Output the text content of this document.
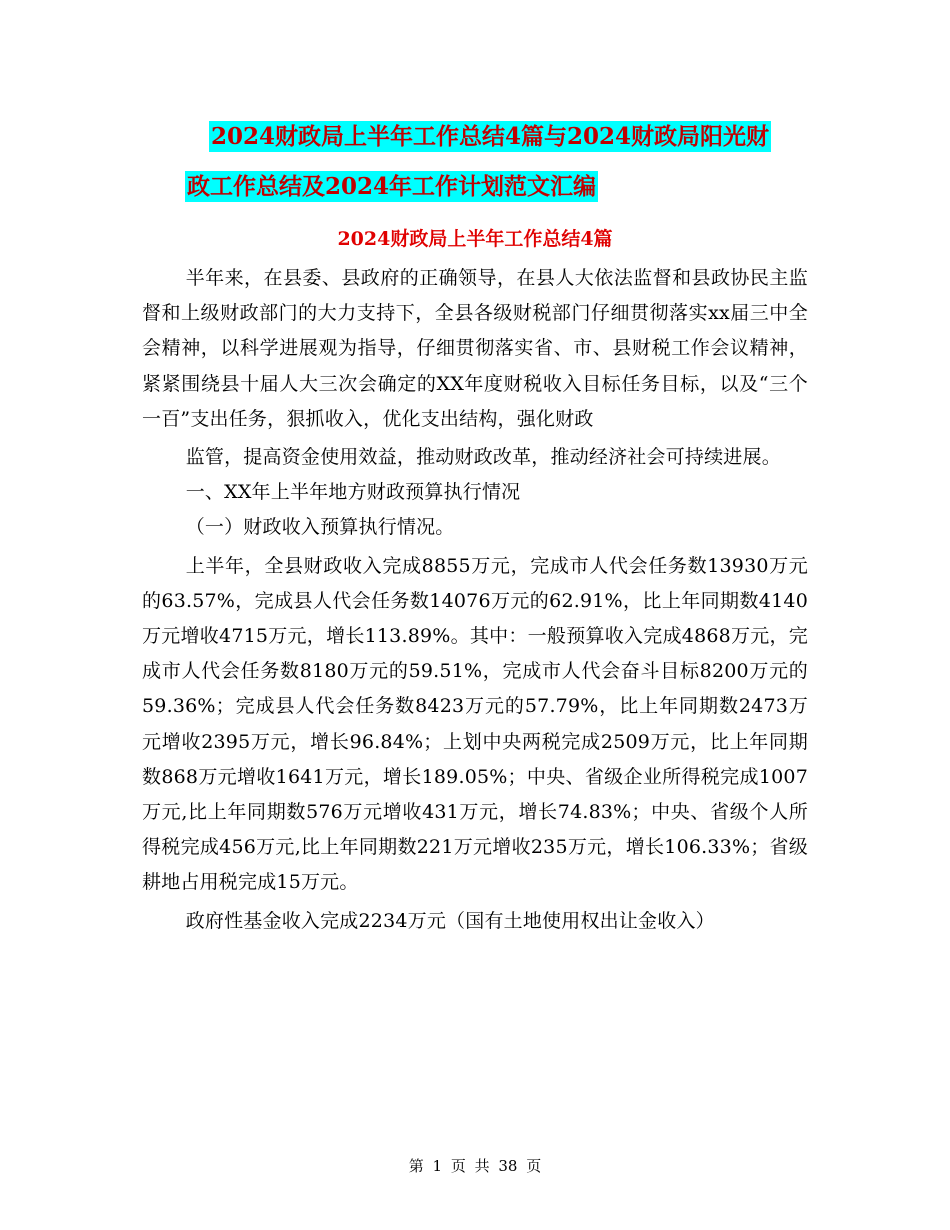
2024财政局上半年工作总结4篇与2024财政局阳光财
政工作总结及2024年工作计划范文汇编
2024财政局上半年工作总结4篇

半年来，在县委、县政府的正确领导，在县人大依法监督和县政协民主监督和上级财政部门的大力支持下，全县各级财税部门仔细贯彻落实xx届三中全会精神，以科学进展观为指导，仔细贯彻落实省、市、县财税工作会议精神，紧紧围绕县十届人大三次会确定的XX年度财税收入目标任务目标，以及“三个一百”支出任务，狠抓收入，优化支出结构，强化财政

监管，提高资金使用效益，推动财政改革，推动经济社会可持续进展。

一、XX年上半年地方财政预算执行情况

（一）财政收入预算执行情况。

上半年，全县财政收入完成8855万元，完成市人代会任务数13930万元的63.57%，完成县人代会任务数14076万元的62.91%，比上年同期数4140万元增收4715万元，增长113.89%。其中：一般预算收入完成4868万元，完成市人代会任务数8180万元的59.51%，完成市人代会奋斗目标8200万元的59.36%；完成县人代会任务数8423万元的57.79%，比上年同期数2473万元增收2395万元，增长96.84%；上划中央两税完成2509万元，比上年同期数868万元增收1641万元，增长189.05%；中央、省级企业所得税完成1007万元,比上年同期数576万元增收431万元，增长74.83%；中央、省级个人所得税完成456万元,比上年同期数221万元增收235万元，增长106.33%；省级耕地占用税完成15万元。

政府性基金收入完成2234万元（国有土地使用权出让金收入）

第 1 页 共 38 页
